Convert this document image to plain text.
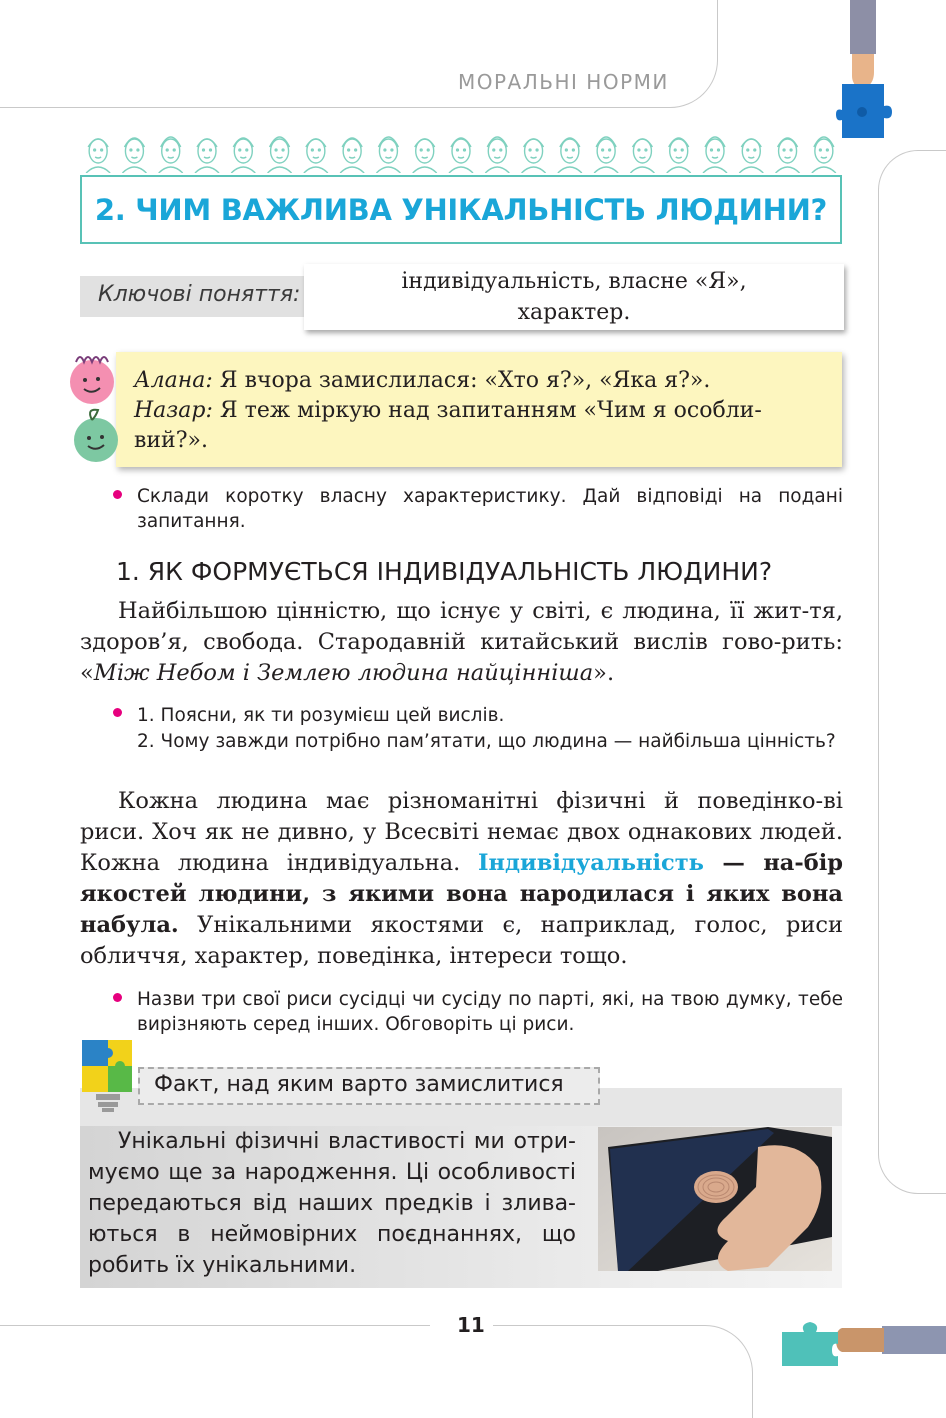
МОРАЛЬНІ НОРМИ
2. ЧИМ ВАЖЛИВА УНІКАЛЬНІСТЬ ЛЮДИНИ?
Ключові поняття:
індивідуальність, власне «Я»,
характер.

Алана: Я вчора замислилася: «Хто я?», «Яка я?».

Назар: Я теж міркую над запитанням «Чим я особли-

вий?».

Склади коротку власну характеристику. Дай відповіді на подані запитання.

1. ЯК ФОРМУЄТЬСЯ ІНДИВІДУАЛЬНІСТЬ ЛЮДИНИ?

Найбільшою цінністю, що існує у світі, є людина, її жит-тя, здоров’я, свобода. Стародавній китайський вислів гово-рить: «Між Небом і Землею людина найцінніша».

1. Поясни, як ти розумієш цей вислів.

2. Чому завжди потрібно пам’ятати, що людина — найбільша цінність?

Кожна людина має різноманітні фізичні й поведінко-ві риси. Хоч як не дивно, у Всесвіті немає двох однакових людей. Кожна людина індивідуальна. Індивідуальність — на-бір якостей людини, з якими вона народилася і яких вона набула. Унікальними якостями є, наприклад, голос, риси обличчя, характер, поведінка, інтереси тощо.

Назви три свої риси сусідці чи сусіду по парті, які, на твою думку, тебе вирізняють серед інших. Обговоріть ці риси.

Факт, над яким варто замислитися

Унікальні фізичні властивості ми отри-муємо ще за народження. Ці особливості передаються від наших предків і злива-ються в неймовірних поєднаннях, що робить їх унікальними.

11
